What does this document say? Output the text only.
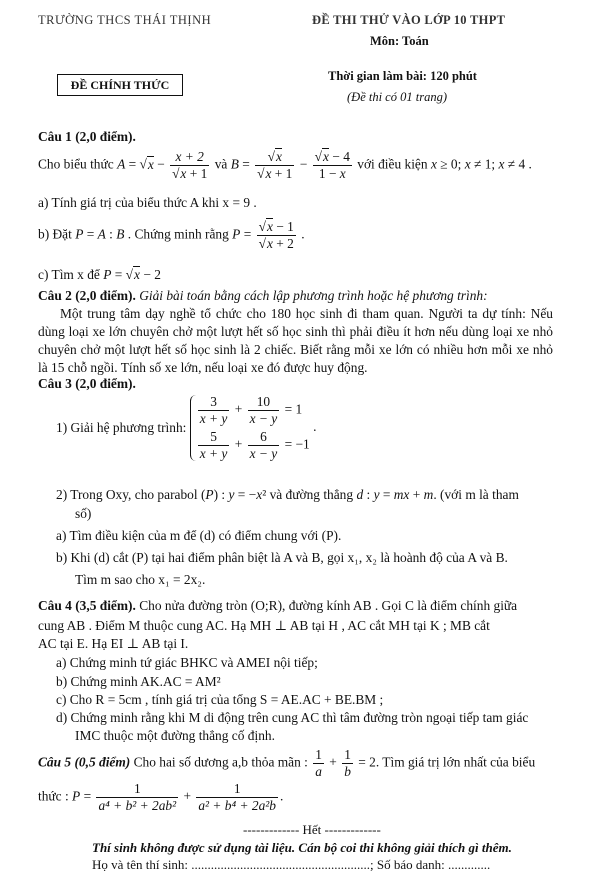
TRƯỜNG THCS THÁI THỊNH	ĐỀ THI THỬ VÀO LỚP 10 THPT
Môn: Toán
ĐỀ CHÍNH THỨC
Thời gian làm bài: 120 phút
(Đề thi có 01 trang)
Câu 1 (2,0 điểm).
Cho biểu thức $A = √x - \frac{x + 2}{√x + 1}$ và $B = \frac{√x}{√x + 1} - \frac{√x - 4}{1 - x}$ với điều kiện x ≥ 0; x ≠ 1; x ≠ 4 .
a) Tính giá trị của biểu thức A khi x = 9 .
b) Đặt P = A : B . Chứng minh rằng $P = \frac{√x - 1}{√x + 2}$ .
c) Tìm x để P = √x − 2
Câu 2 (2,0 điểm). Giải bài toán bằng cách lập phương trình hoặc hệ phương trình:
Một trung tâm dạy nghề tổ chức cho 180 học sinh đi tham quan. Người ta dự tính: Nếu dùng loại xe lớn chuyên chở một lượt hết số học sinh thì phải điều ít hơn nếu dùng loại xe nhỏ chuyên chở một lượt hết số học sinh là 2 chiếc. Biết rằng mỗi xe lớn có nhiều hơn mỗi xe nhỏ là 15 chỗ ngồi. Tính số xe lớn, nếu loại xe đó được huy động.
Câu 3 (2,0 điểm).
1) Giải hệ phương trình:
$\frac{3}{x + y} + \frac{10}{x - y} = 1$
$\frac{5}{x + y} + \frac{6}{x - y} = -1$
.
2) Trong Oxy, cho parabol (P) : y = −x² và đường thẳng d : y = mx + m. (với m là tham
số)
a) Tìm điều kiện của m để (d) có điểm chung với (P).
b) Khi (d) cắt (P) tại hai điểm phân biệt là A và B, gọi x₁, x₂ là hoành độ của A và B.
Tìm m sao cho x₁ = 2x₂.
Câu 4 (3,5 điểm). Cho nửa đường tròn (O;R), đường kính AB . Gọi C là điểm chính giữa
cung AB . Điểm M thuộc cung AC. Hạ MH ⊥ AB tại H , AC cắt MH tại K ; MB cắt
AC tại E. Hạ EI ⊥ AB tại I.
a) Chứng minh tứ giác BHKC và AMEI nội tiếp;
b) Chứng minh AK.AC = AM²
c) Cho R = 5cm , tính giá trị của tổng S = AE.AC + BE.BM ;
d) Chứng minh rằng khi M di động trên cung AC thì tâm đường tròn ngoại tiếp tam giác
IMC thuộc một đường thẳng cố định.
Câu 5 (0,5 điểm) Cho hai số dương a,b thỏa mãn : $\frac{1}{a} + \frac{1}{b} = 2$. Tìm giá trị lớn nhất của biểu
thức : $P = \frac{1}{\text{a⁴ + b² + 2ab²}} + \frac{1}{\text{a² + b⁴ + 2a²b}}$ .
------------- Hết -------------
Thí sinh không được sử dụng tài liệu. Cán bộ coi thi không giải thích gì thêm.
Họ và tên thí sinh: .......................................................; Số báo danh: .............
